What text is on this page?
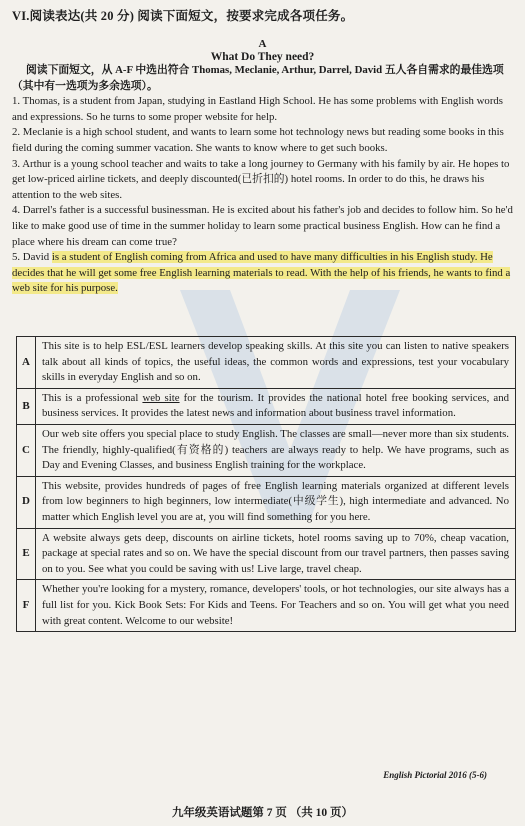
VI.阅读表达(共 20 分) 阅读下面短文，按要求完成各项任务。
A
What Do They need?

阅读下面短文，从 A-F 中选出符合 Thomas, Meclanie, Arthur, Darrel, David 五人各自需求的最佳选项（其中有一选项为多余选项）。

1. Thomas, is a student from Japan, studying in Eastland High School. He has some problems with English words and expressions. So he turns to some proper website for help.

2. Meclanie is a high school student, and wants to learn some hot technology news but reading some books in this field during the coming summer vacation. She wants to know where to get such books.

3. Arthur is a young school teacher and waits to take a long journey to Germany with his family by air. He hopes to get low-priced airline tickets, and deeply discounted(已折扣的) hotel rooms. In order to do this, he draws his attention to the web sites.

4. Darrel's father is a successful businessman. He is excited about his father's job and decides to follow him. So he'd like to make good use of time in the summer holiday to learn some practical business English. How can he find a place where his dream can come true?

5. David is a student of English coming from Africa and used to have many difficulties in his English study. He decides that he will get some free English learning materials to read. With the help of his friends, he wants to find a web site for his purpose.

A	This site is to help ESL/ESL learners develop speaking skills. At this site you can listen to native speakers talk about all kinds of topics, the useful ideas, the common words and expressions, test your vocabulary skills in everyday English and so on.
B	This is a professional web site for the tourism. It provides the national hotel free booking services, and business services. It provides the latest news and information about business travel information.
C	Our web site offers you special place to study English. The classes are small—never more than six students. The friendly, highly-qualified(有资格的) teachers are always ready to help. We have programs, such as Day and Evening Classes, and business English training for the workplace.
D	This website, provides hundreds of pages of free English learning materials organized at different levels from low beginners to high beginners, low intermediate(中级学生), high intermediate and advanced. No matter which English level you are at, you will find something for you here.
E	A website always gets deep, discounts on airline tickets, hotel rooms saving up to 70%, cheap vacation, package at special rates and so on. We have the special discount from our travel partners, then passes saving on to you. See what you could be saving with us! Live large, travel cheap.
F	Whether you're looking for a mystery, romance, developers' tools, or hot technologies, our site always has a full list for you. Kick Book Sets: For Kids and Teens. For Teachers and so on. You will get what you need with great content. Welcome to our website!
English Pictorial 2016 (5-6)
九年级英语试题第 7 页 （共 10 页）
